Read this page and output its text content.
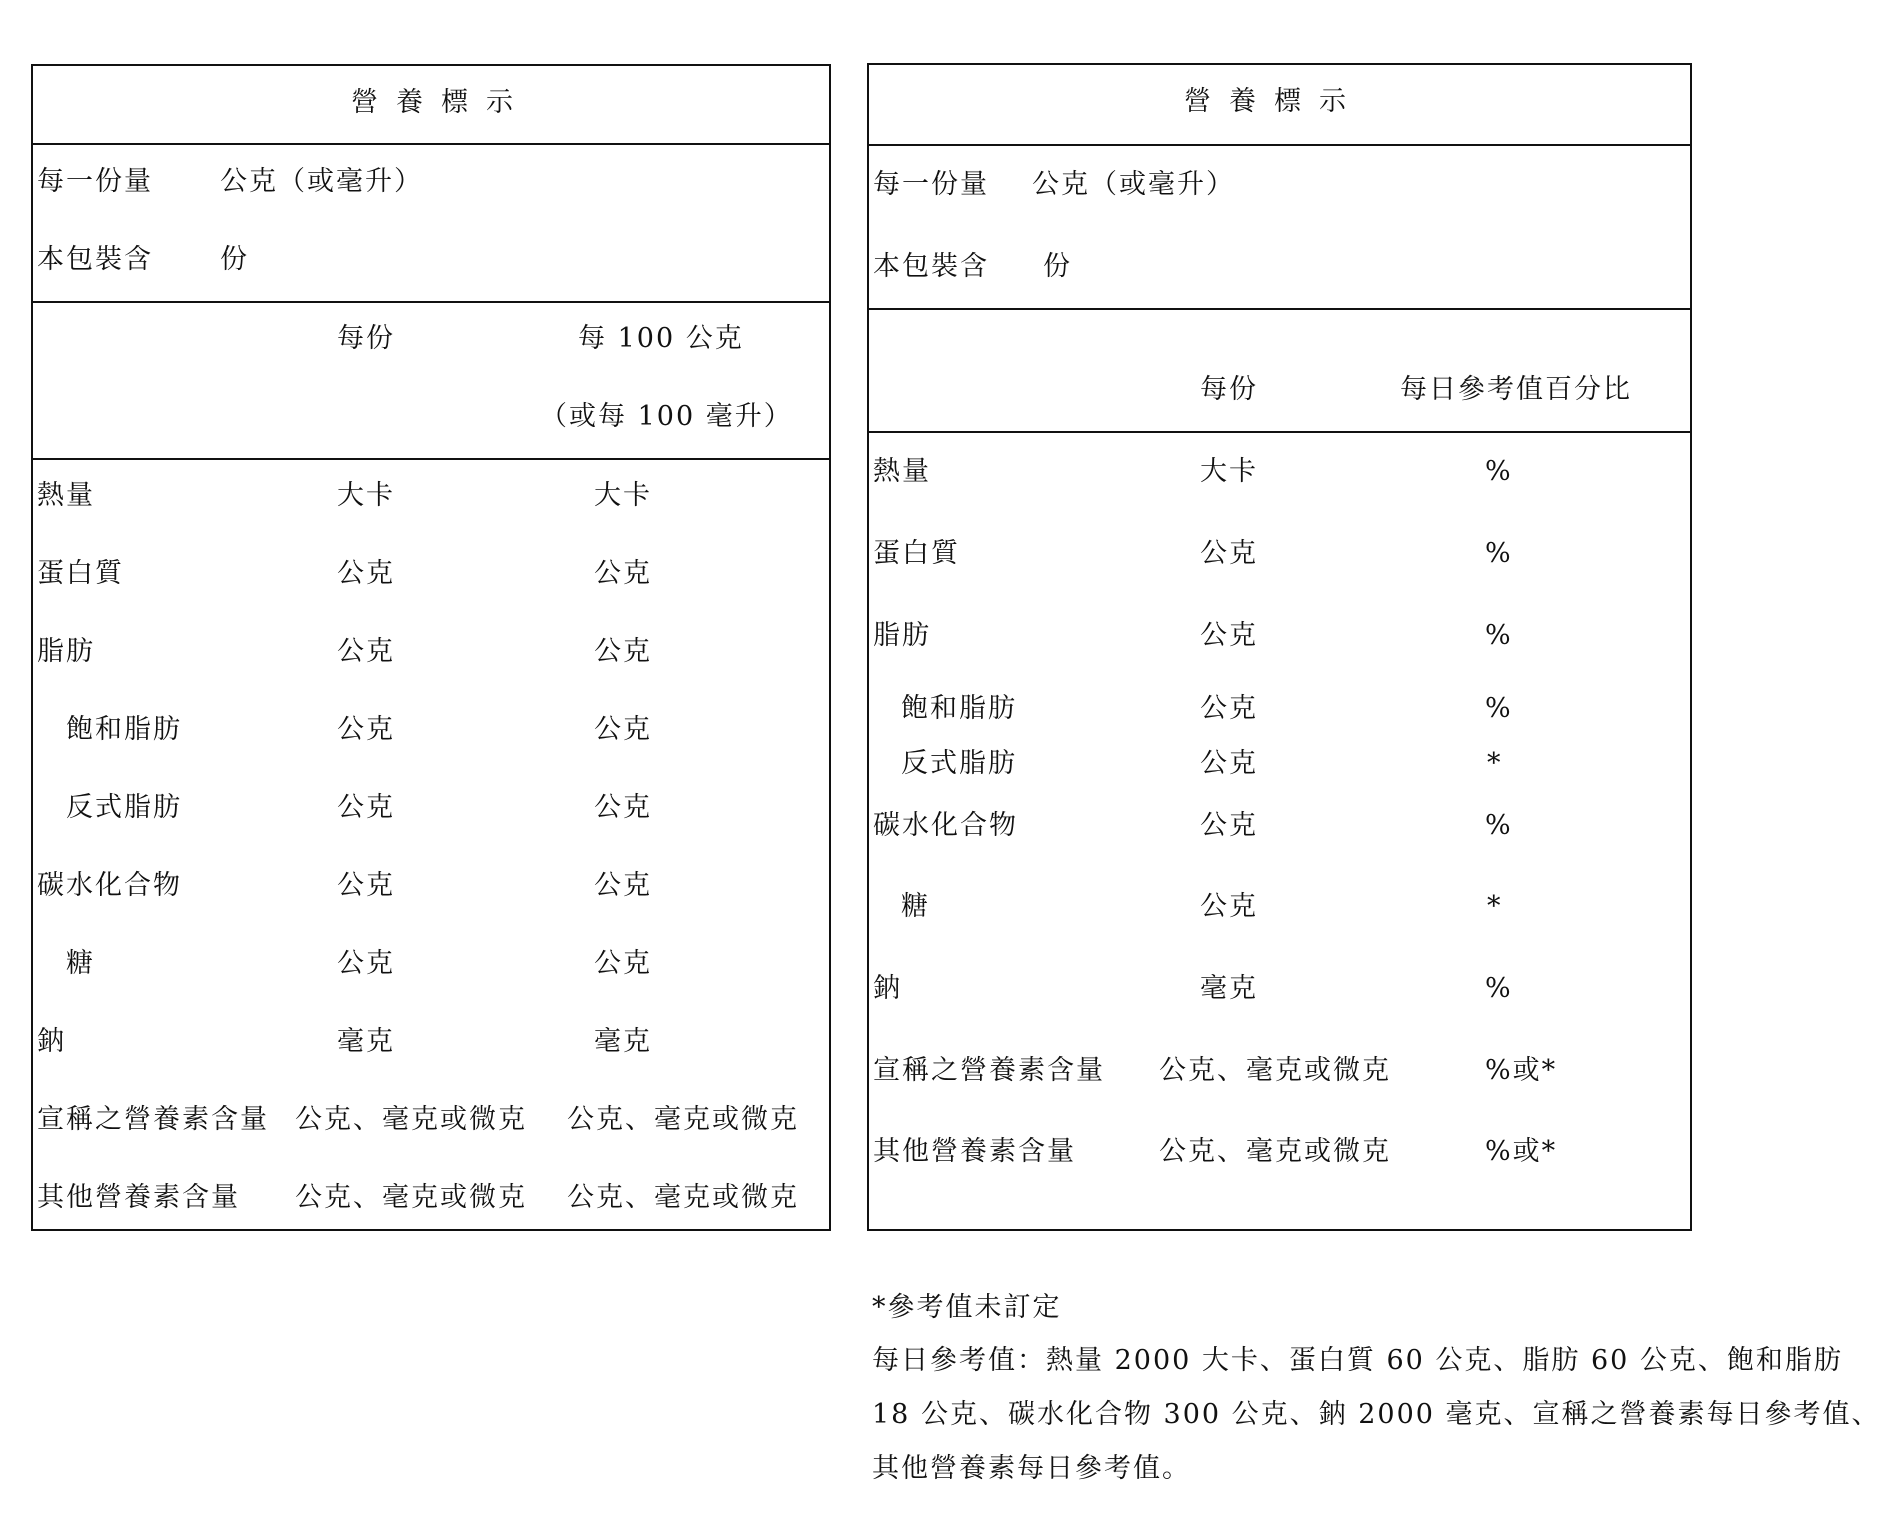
營養標示
每一份量 公克（或毫升）
本包裝含 份
每份	每 100 公克
（或每 100 毫升）
熱量	大卡	大卡
蛋白質	公克	公克
脂肪	公克	公克
飽和脂肪	公克	公克
反式脂肪	公克	公克
碳水化合物	公克	公克
糖	公克	公克
鈉	毫克	毫克
宣稱之營養素含量 公克、毫克或微克 公克、毫克或微克
其他營養素含量 公克、毫克或微克 公克、毫克或微克
營養標示
每一份量 公克（或毫升）
本包裝含 份
每份	每日參考值百分比
熱量	大卡	%
蛋白質	公克	%
脂肪	公克	%
飽和脂肪	公克	%
反式脂肪	公克	*
碳水化合物	公克	%
糖	公克	*
鈉	毫克	%
宣稱之營養素含量 公克、毫克或微克	%或*
其他營養素含量	公克、毫克或微克	%或*
*參考值未訂定
每日參考值：熱量 2000 大卡、蛋白質 60 公克、脂肪 60 公克、飽和脂肪
18 公克、碳水化合物 300 公克、鈉 2000 毫克、宣稱之營養素每日參考值、
其他營養素每日參考值。
